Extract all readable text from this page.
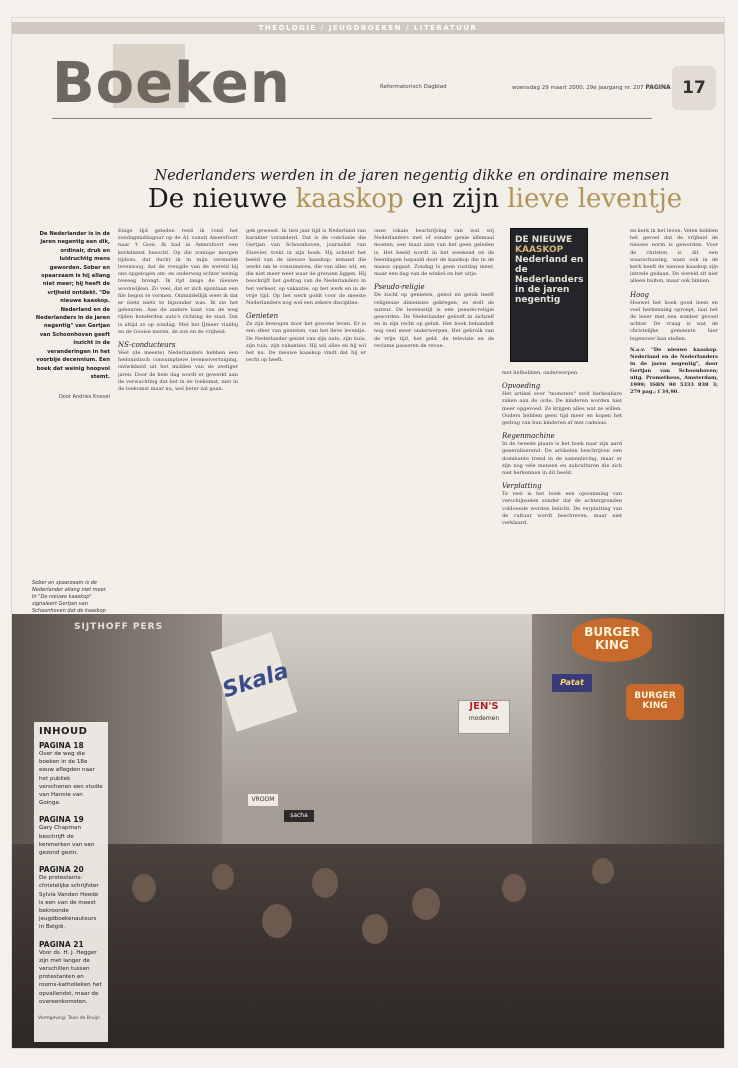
THEOLOGIE / JEUGDBOEKEN / LITERATUUR
Boeken	Reformatorisch Dagblad	woensdag 29 maart 2000, 29e jaargang nr. 207 PAGINA 17
Nederlanders werden in de jaren negentig dikke en ordinaire mensen
De nieuwe kaaskop en zijn lieve leventje
De Nederlander is in de jaren negentig een dik, ordinair, druk en luidruchtig mens geworden. Sober en spaarzaam is hij allang niet meer; hij heeft de vrijheid ontdekt. "De nieuwe kaaskop. Nederland en de Nederlanders in de jaren negentig" van Gertjan van Schoonhoven geeft inzicht in de veranderingen in het voorbije decennium. Een boek dat weinig hoopvol stemt.
Door Andries Knevel
Enige tijd geleden reed ik rond het zondagmiddaguur op de A1 vanuit Amersfoort naar 't Gooi. Ik had in Amersfoort een kerkdienst bezocht. Op die zonnige morgen tijdens, dat ducht ik in mijn versnelde levensoog, dat de vreugde van de wereld bij ons opgetogen om- en onderweg echter weinig teweeg brengt. Ik rijd langs de nieuwe woonwijken. Zo veel, dat er zich spontaan een file begon te vormen. Onmiddellijk weet ik dat er niets niets te bijzonder was. Ik zie het gebeuren. Aan de andere kant van de weg rijden honderden auto's richting de stad. Dat is altijd zo op zondag. Met het IJmeer vlakbij en de Gooise meren, de zon en de vrijheid.
NS-conducteurs
Veel (de meeste) Nederlanders hebben een hedonistisch consumptieve levensovertuiging, ontwikkeld uit het midden van de zestiger jaren. Door de hele dag wordt er gewerkt aan de verwachting dat het in de toekomst, niet in de toekomst maar nu, wel beter zal gaan.
gek geweest. In tien jaar tijd is Nederland van karakter veranderd. Dat is de conclusie die Gertjan van Schoonhoven, journalist van Elsevier, trekt in zijn boek. Hij schetst het beeld van de nieuwe kaaskop: iemand die werkt om te consumeren, die van alles wil, en die niet meer weet waar de grenzen liggen. Hij beschrijft het gedrag van de Nederlanders in het verkeer, op vakantie, op het werk en in de vrije tijd. Op het werk geldt voor de meeste Nederlanders nog wel een zekere discipline.
Genieten
Ze zijn bewogen door het gewone leven. Er is een sfeer van genieten, van het lieve leventje. De Nederlander geniet van zijn auto, zijn huis, zijn tuin, zijn vakanties. Hij wil alles en hij wil het nu. De nieuwe kaaskop vindt dat hij er recht op heeft.
onze lokale beschrijving van wat wij Nederlanders met of zonder genie allemaal moeten, een maat zien van het geen geleden is. Het beeld wordt in het weekend en de feestdagen bepaald door de kaaskop die in de massa opgaat. Zondag is geen rustdag meer, maar een dag van de winkel en het uitje.
Pseudo-religie
De zucht op genieten, genot en geluk heeft religieuze dimensies gekregen, zo stelt de auteur. De levensstijl is een pseudo-religie geworden. De Nederlander gelooft in zichzelf en in zijn recht op geluk. Het boek behandelt nog veel meer onderwerpen. Het gebruik van de vrije tijd, het geld, de televisie en de reclame passeren de revue.
DE NIEUWE
KAASKOP
Nederland en de Nederlanders in de jaren negentig
met liefhebben, onderwerpen.
Opvoeding
Het artikel over "monsters" stelt herkenbare zaken aan de orde. De kinderen worden niet meer opgevoed. Ze krijgen alles wat ze willen. Ouders hebben geen tijd meer en kopen het gedrag van hun kinderen af met cadeaus.
Regenmachine
In de tweede plaats is het boek naar zijn aard generaliserend. De artikelen beschrijven een dominante trend in de samenleving, maar er zijn nog vele mensen en subculturen die zich niet herkennen in dit beeld.
Verplatting
Te veel is het boek een opsomming van verschijnselen zonder dat de achtergronden voldoende worden belicht. De verplatting van de cultuur wordt beschreven, maar niet verklaard.
en kerk in het leven. Velen hebben het gevoel dat de vrijheid de nieuwe norm is geworden. Voor de christen is dit een waarschuwing, want ook in de kerk heeft de nieuwe kaaskop zijn intrede gedaan. De wereld zit niet alleen buiten, maar ook binnen.
Hoog
Hoewel het boek goed leest en veel herkenning oproept, laat het de lezer met een somber gevoel achter. De vraag is wat de christelijke gemeente hier tegenover kan stellen.
N.a.v. "De nieuwe kaaskop. Nederland en de Nederlanders in de jaren negentig", door Gertjan van Schoonhoven; uitg. Prometheus, Amsterdam, 1999; ISBN 90 5333 838 3; 279 pag.; f 34,90.
Sober en spaarzaam is de Nederlander allang niet meer. In "De nieuwe kaaskop" signaleert Gertjan van Schoonhoven dat de kaaskop
SIJTHOFF PERS
Skala
BURGER KING
BURGER KING
Patat
JEN'S
modemen
VROOM
sacha
INHOUD
PAGINA 18
Over de weg die boeken in de 18e eeuw aflegden naar het publiek verschenen een studie van Hannie van Goinga.
PAGINA 19
Gary Chapman beschrijft de kenmerken van een gezond gezin.
PAGINA 20
De protestants-christelijke schrijfster Sylvia Vanden Heede is een van de meest bekroonde jeugdboekenauteurs in België.
PAGINA 21
Voor ds. H. J. Hegger zijn met langer de verschillen tussen protestanten en rooms-katholieken het opvallendst, maar de overeenkomsten.
Vormgeving: Teun de Bruijn
